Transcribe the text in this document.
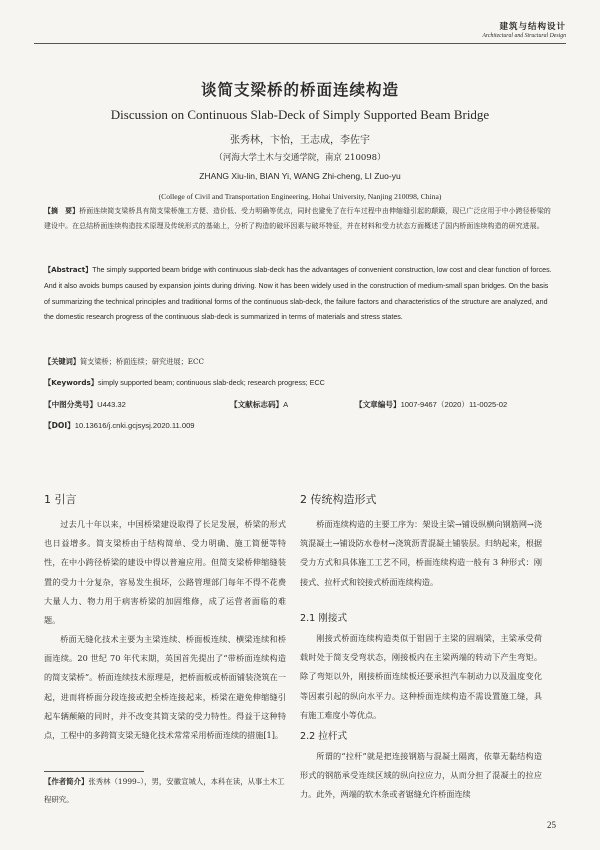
建筑与结构设计
Architectural and Structural Design
谈简支梁桥的桥面连续构造
Discussion on Continuous Slab-Deck of Simply Supported Beam Bridge
张秀林，卞怡，王志成，李佐宇
（河海大学土木与交通学院，南京 210098）
ZHANG Xiu-lin, BIAN Yi, WANG Zhi-cheng, LI Zuo-yu
(College of Civil and Transportation Engineering, Hohai University, Nanjing 210098, China)

【摘　要】桥面连续简支梁桥具有简支梁桥施工方便、造价低、受力明确等优点，同时也避免了在行车过程中由伸缩缝引起的颠簸，现已广泛应用于中小跨径桥梁的建设中。在总结桥面连续构造技术原理及传统形式的基础上，分析了构造的破坏因素与破坏特征，并在材料和受力状态方面概述了国内桥面连续构造的研究进展。

【Abstract】The simply supported beam bridge with continuous slab-deck has the advantages of convenient construction, low cost and clear function of forces. And it also avoids bumps caused by expansion joints during driving. Now it has been widely used in the construction of medium-small span bridges. On the basis of summarizing the technical principles and traditional forms of the continuous slab-deck, the failure factors and characteristics of the structure are analyzed, and the domestic research progress of the continuous slab-deck is summarized in terms of materials and stress states.

【关键词】简支梁桥；桥面连续；研究进展；ECC
【Keywords】simply supported beam; continuous slab-deck; research progress; ECC
【中图分类号】U443.32	【文献标志码】A	【文章编号】1007-9467（2020）11-0025-02
【DOI】10.13616/j.cnki.gcjsysj.2020.11.009
1 引言

过去几十年以来，中国桥梁建设取得了长足发展，桥梁的形式也日益增多。简支梁桥由于结构简单、受力明确、施工简便等特性，在中小跨径桥梁的建设中得以普遍应用。但简支梁桥伸缩缝装置的受力十分复杂，容易发生损坏，公路管理部门每年不得不花费大量人力、物力用于病害桥梁的加固维修，成了运营者面临的难题。

桥面无缝化技术主要为主梁连续、桥面板连续、横梁连续和桥面连续。20 世纪 70 年代末期，英国首先提出了“带桥面连续构造的简支梁桥”。桥面连续技术原理是，把桥面板或桥面铺装浇筑在一起，进而将桥面分段连接或把全桥连接起来，桥梁在避免伸缩缝引起车辆颠簸的同时，并不改变其简支梁的受力特性。得益于这种特点，工程中的多跨简支梁无缝化技术常常采用桥面连续的措施[1]。

【作者简介】张秀林（1999–），男，安徽宣城人，本科在读，从事土木工程研究。

2 传统构造形式

桥面连续构造的主要工序为：架设主梁→铺设纵横向钢筋网→浇筑混凝土→铺设防水卷材→浇筑沥青混凝土铺装层。归纳起来，根据受力方式和具体施工工艺不同，桥面连续构造一般有 3 种形式：刚接式、拉杆式和铰接式桥面连续构造。

2.1 刚接式

刚接式桥面连续构造类似于钳固于主梁的固端梁，主梁承受荷载时处于简支受弯状态，刚接板内在主梁两端的转动下产生弯矩。除了弯矩以外，刚接桥面连续板还要承担汽车制动力以及温度变化等因素引起的纵向水平力。这种桥面连续构造不需设置施工缝，具有施工难度小等优点。

2.2 拉杆式

所谓的“拉杆”就是把连接钢筋与混凝土隔离，依靠无黏结构造形式的钢筋承受连续区域的纵向拉应力，从而分担了混凝土的拉应力。此外，两端的软木条或者锯缝允许桥面连续

25
